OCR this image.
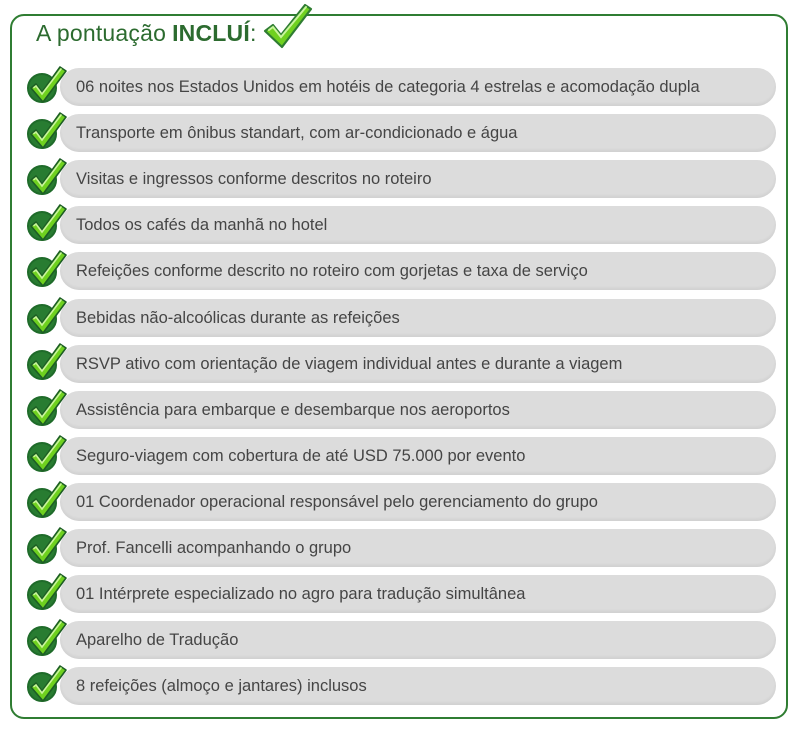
A pontuação INCLUÍ :
06 noites nos Estados Unidos em hotéis de categoria 4 estrelas e acomodação dupla
Transporte em ônibus standart, com ar-condicionado e água
Visitas e ingressos conforme descritos no roteiro
Todos os cafés da manhã no hotel
Refeições conforme descrito no roteiro com gorjetas e taxa de serviço
Bebidas não-alcoólicas durante as refeições
RSVP ativo com orientação de viagem individual antes e durante a viagem
Assistência para embarque e desembarque nos aeroportos
Seguro-viagem com cobertura de até USD 75.000 por evento
01 Coordenador operacional responsável pelo gerenciamento do grupo
Prof. Fancelli acompanhando o grupo
01 Intérprete especializado no agro para tradução simultânea
Aparelho de Tradução
8 refeições (almoço e jantares) inclusos
